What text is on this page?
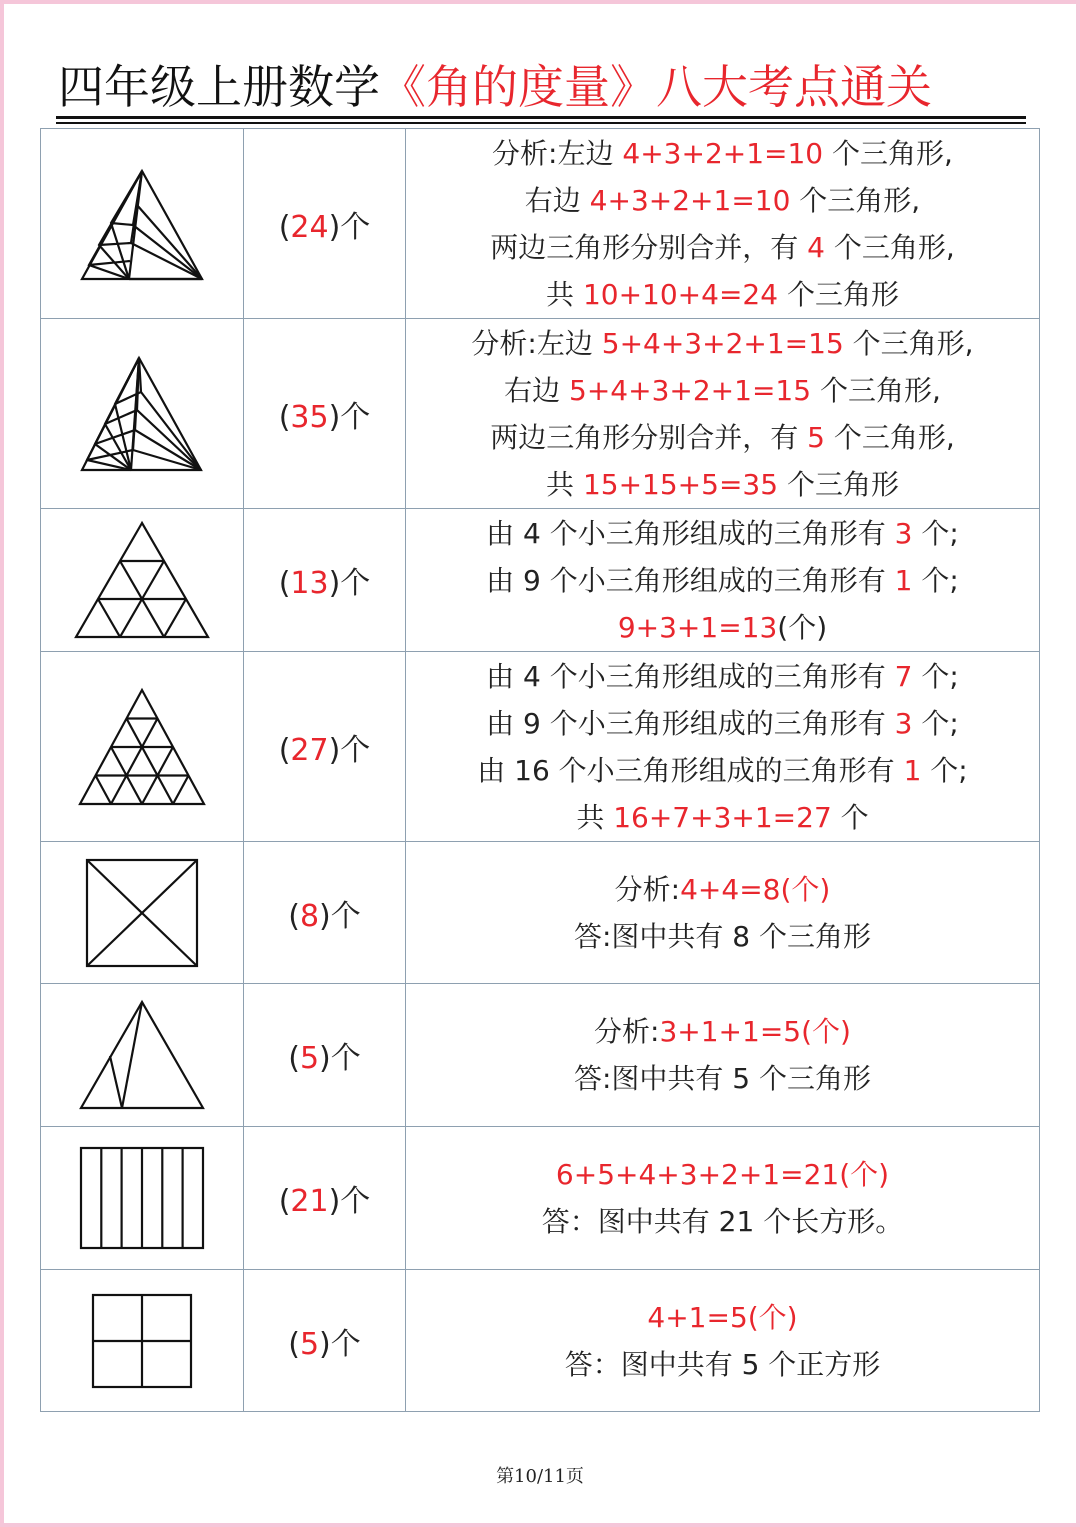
四年级上册数学《角的度量》八大考点通关
	(24)个	分析:左边 4+3+2+1=10 个三角形,
右边 4+3+2+1=10 个三角形,
两边三角形分别合并，有 4 个三角形,
共 10+10+4=24 个三角形

	(35)个	分析:左边 5+4+3+2+1=15 个三角形,
右边 5+4+3+2+1=15 个三角形,
两边三角形分别合并，有 5 个三角形,
共 15+15+5=35 个三角形

	(13)个	由 4 个小三角形组成的三角形有 3 个;
由 9 个小三角形组成的三角形有 1 个;
9+3+1=13(个)

	(27)个	由 4 个小三角形组成的三角形有 7 个;
由 9 个小三角形组成的三角形有 3 个;
由 16 个小三角形组成的三角形有 1 个;
共 16+7+3+1=27 个

	(8)个	分析:4+4=8(个)
答:图中共有 8 个三角形

	(5)个	分析:3+1+1=5(个)
答:图中共有 5 个三角形

	(21)个	6+5+4+3+2+1=21(个)
答：图中共有 21 个长方形。

	(5)个	4+1=5(个)
答：图中共有 5 个正方形
第10/11页
